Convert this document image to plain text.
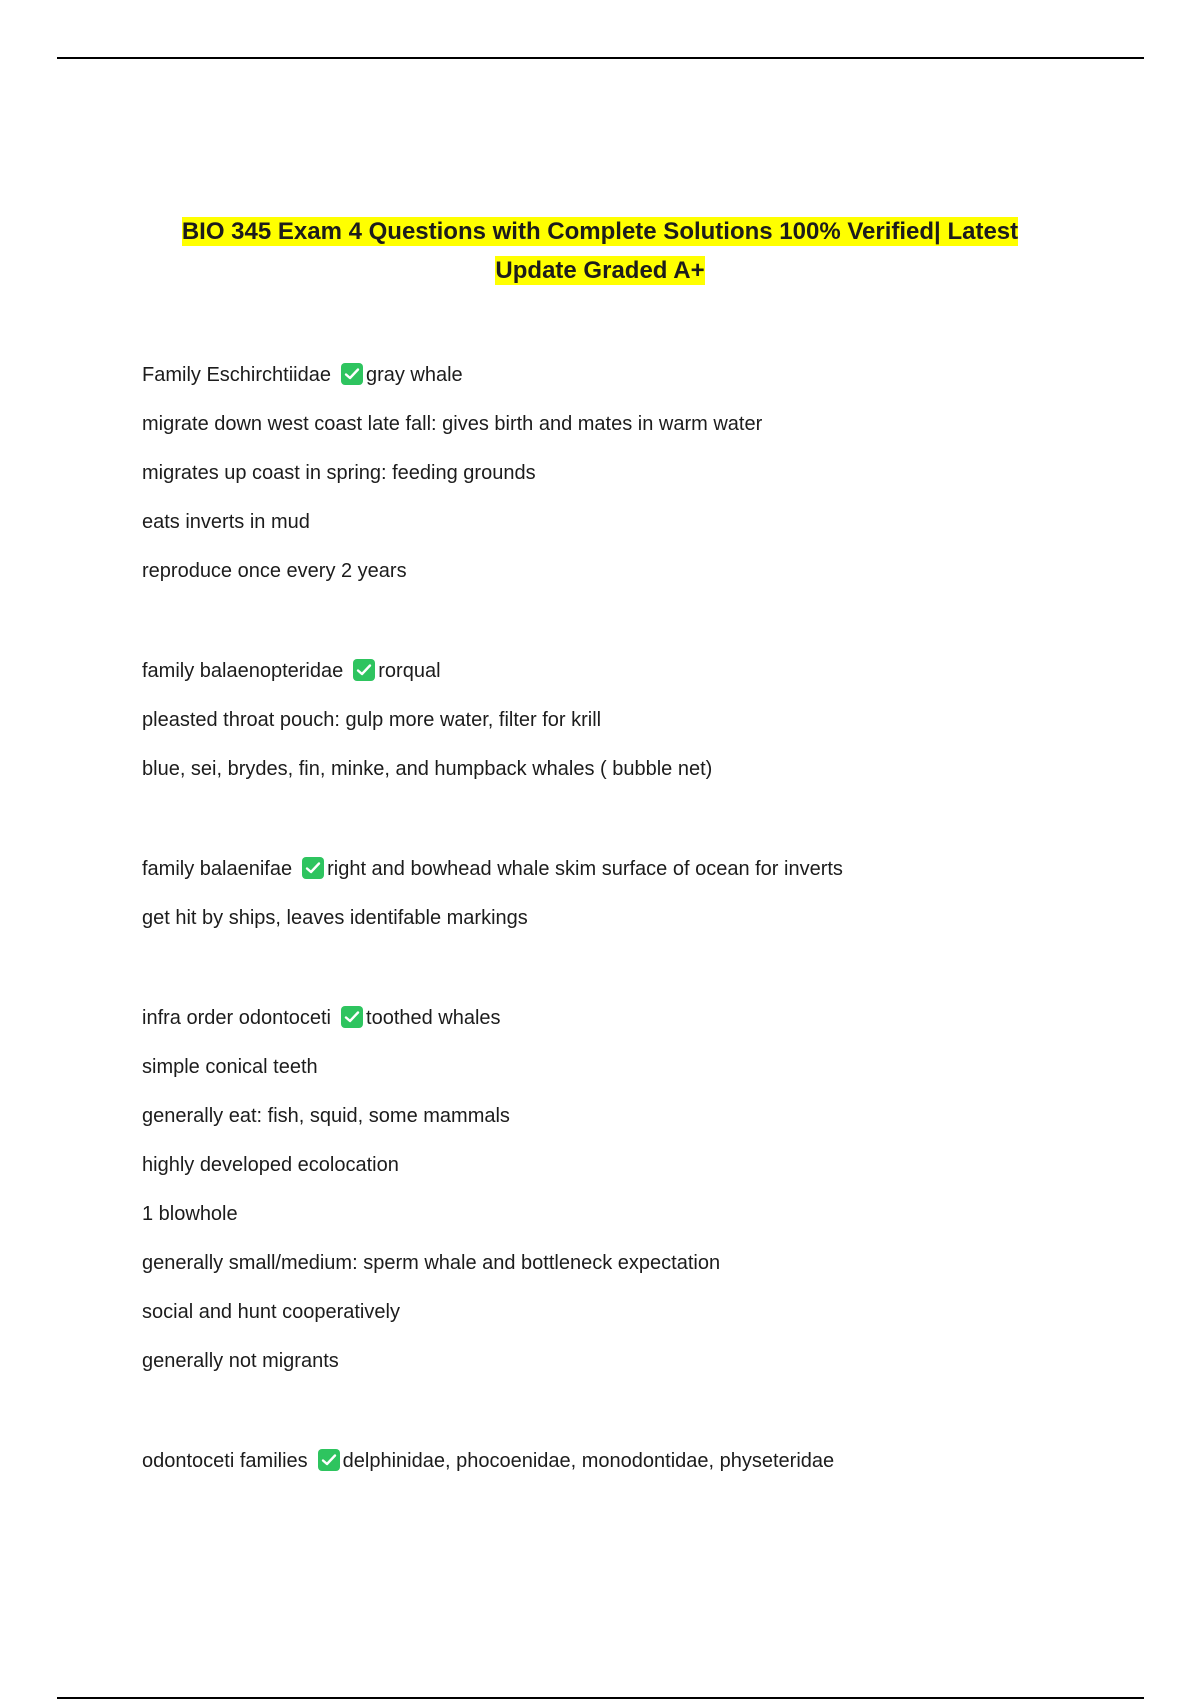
BIO 345 Exam 4 Questions with Complete Solutions 100% Verified| Latest
Update Graded A+
Family Eschirchtiidae gray whale
migrate down west coast late fall: gives birth and mates in warm water
migrates up coast in spring: feeding grounds
eats inverts in mud
reproduce once every 2 years
family balaenopteridae rorqual
pleasted throat pouch: gulp more water, filter for krill
blue, sei, brydes, fin, minke, and humpback whales ( bubble net)
family balaenifae right and bowhead whale skim surface of ocean for inverts
get hit by ships, leaves identifable markings
infra order odontoceti toothed whales
simple conical teeth
generally eat: fish, squid, some mammals
highly developed ecolocation
1 blowhole
generally small/medium: sperm whale and bottleneck expectation
social and hunt cooperatively
generally not migrants
odontoceti families delphinidae, phocoenidae, monodontidae, physeteridae
